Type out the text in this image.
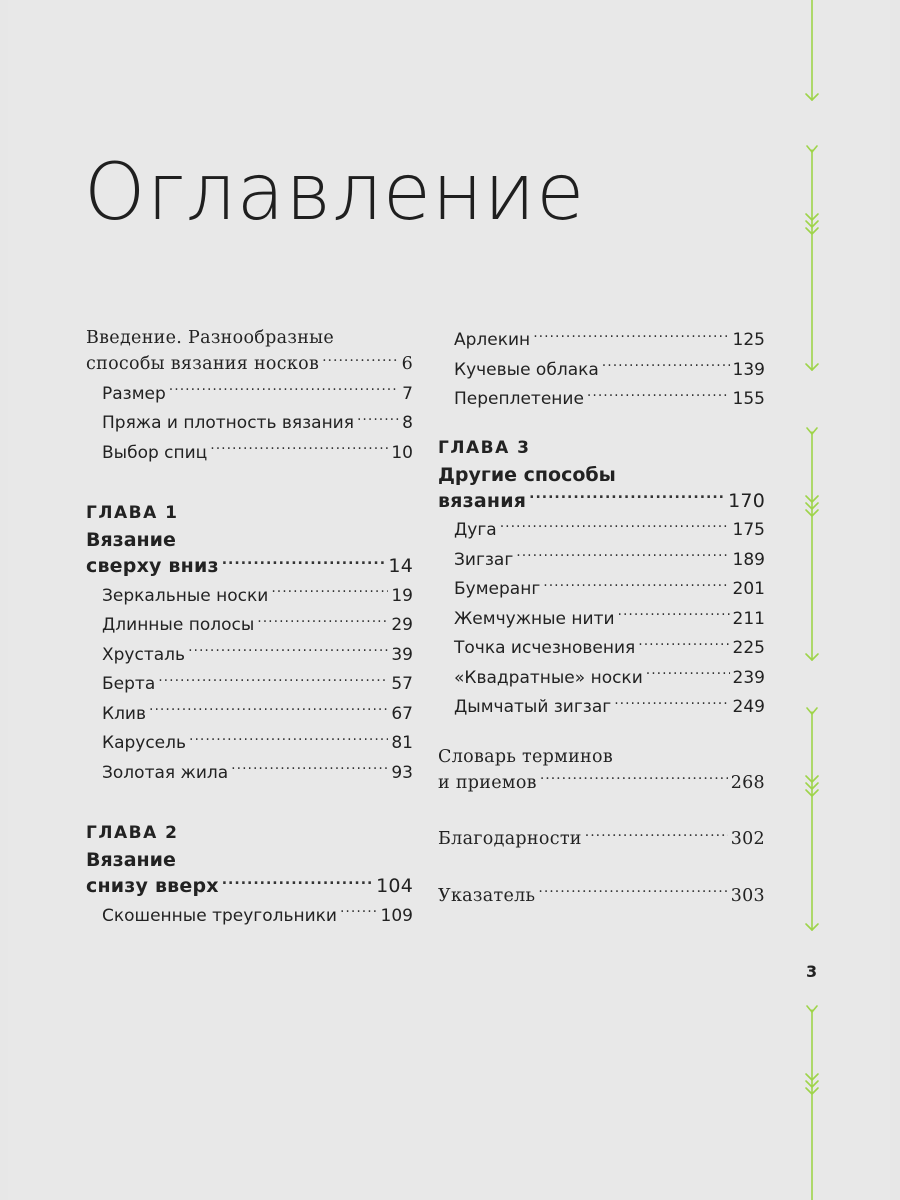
Оглавление
Введение. Разнообразные
способы вязания носков .....	6
Размер .....	7
Пряжа и плотность вязания .....	8
Выбор спиц .....	10
ГЛАВА 1
Вязание
сверху вниз .....	14
Зеркальные носки .....	19
Длинные полосы .....	29
Хрусталь .....	39
Берта .....	57
Клив .....	67
Карусель .....	81
Золотая жила .....	93
ГЛАВА 2
Вязание
снизу вверх .....	104
Скошенные треугольники .....	109
Арлекин .....	125
Кучевые облака .....	139
Переплетение .....	155
ГЛАВА 3
Другие способы
вязания .....	170
Дуга .....	175
Зигзаг .....	189
Бумеранг .....	201
Жемчужные нити .....	211
Точка исчезновения .....	225
«Квадратные» носки .....	239
Дымчатый зигзаг .....	249
Словарь терминов
и приемов .....	268
Благодарности .....	302
Указатель .....	303
3
